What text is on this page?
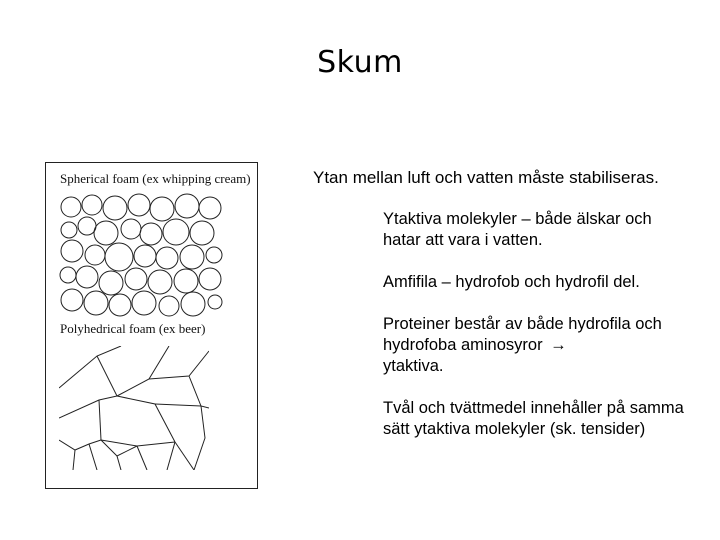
Skum
Spherical foam (ex whipping cream)
Polyhedrical foam (ex beer)
Ytan mellan luft och vatten måste stabiliseras.
Ytaktiva molekyler – både älskar och hatar att vara i vatten.
Amfifila – hydrofob och hydrofil del.
Proteiner består av både hydrofila och hydrofoba aminosyror →
ytaktiva.
Tvål och tvättmedel innehåller på samma sätt ytaktiva molekyler (sk. tensider)
